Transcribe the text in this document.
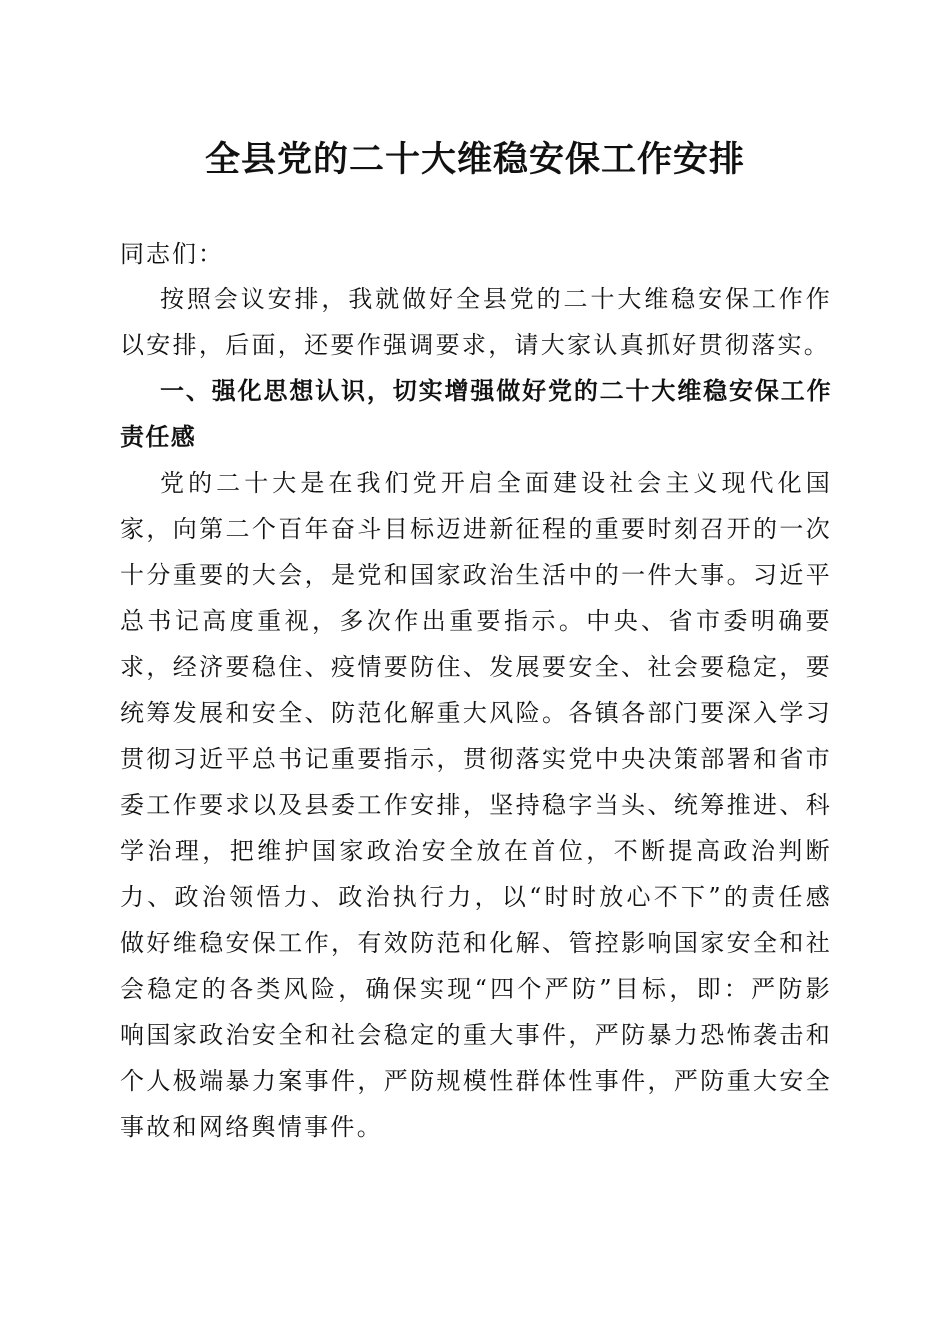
全县党的二十大维稳安保工作安排

同志们：

按照会议安排，我就做好全县党的二十大维稳安保工作作以安排，后面，还要作强调要求，请大家认真抓好贯彻落实。

一、强化思想认识，切实增强做好党的二十大维稳安保工作责任感

党的二十大是在我们党开启全面建设社会主义现代化国家，向第二个百年奋斗目标迈进新征程的重要时刻召开的一次十分重要的大会，是党和国家政治生活中的一件大事。习近平总书记高度重视，多次作出重要指示。中央、省市委明确要求，经济要稳住、疫情要防住、发展要安全、社会要稳定，要统筹发展和安全、防范化解重大风险。各镇各部门要深入学习贯彻习近平总书记重要指示，贯彻落实党中央决策部署和省市委工作要求以及县委工作安排，坚持稳字当头、统筹推进、科学治理，把维护国家政治安全放在首位，不断提高政治判断力、政治领悟力、政治执行力，以“时时放心不下”的责任感做好维稳安保工作，有效防范和化解、管控影响国家安全和社会稳定的各类风险，确保实现“四个严防”目标，即：严防影响国家政治安全和社会稳定的重大事件，严防暴力恐怖袭击和个人极端暴力案事件，严防规模性群体性事件，严防重大安全事故和网络舆情事件。
